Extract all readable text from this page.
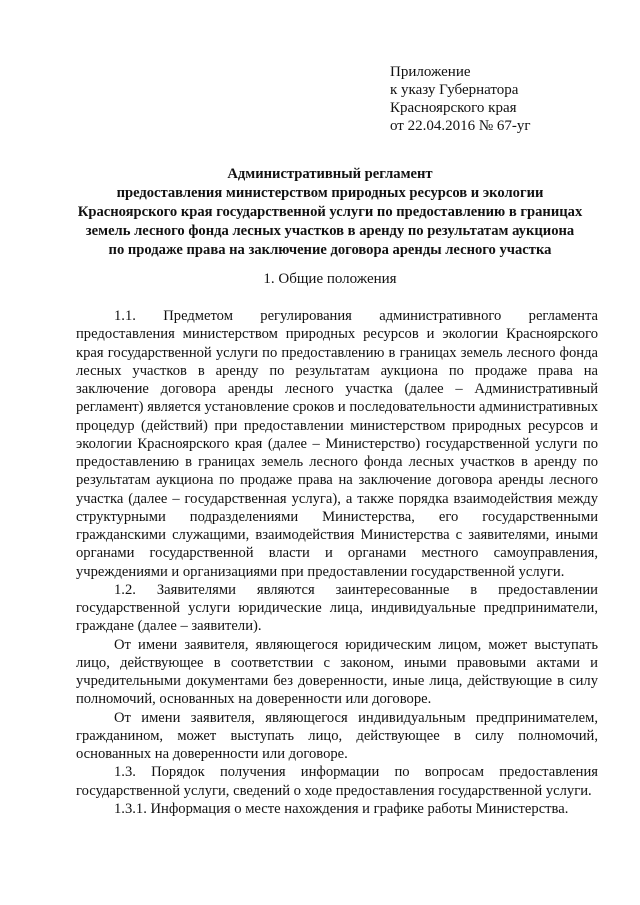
Приложение
к указу Губернатора
Красноярского края
от 22.04.2016 № 67-уг
Административный регламент
предоставления министерством природных ресурсов и экологии
Красноярского края государственной услуги по предоставлению в границах
земель лесного фонда лесных участков в аренду по результатам аукциона
по продаже права на заключение договора аренды лесного участка
1. Общие положения

1.1. Предметом регулирования административного регламента предоставления министерством природных ресурсов и экологии Красноярского края государственной услуги по предоставлению в границах земель лесного фонда лесных участков в аренду по результатам аукциона по продаже права на заключение договора аренды лесного участка (далее – Административный регламент) является установление сроков и последовательности административных процедур (действий) при предоставлении министерством природных ресурсов и экологии Красноярского края (далее – Министерство) государственной услуги по предоставлению в границах земель лесного фонда лесных участков в аренду по результатам аукциона по продаже права на заключение договора аренды лесного участка (далее – государственная услуга), а также порядка взаимодействия между структурными подразделениями Министерства, его государственными гражданскими служащими, взаимодействия Министерства с заявителями, иными органами государственной власти и органами местного самоуправления, учреждениями и организациями при предоставлении государственной услуги.

1.2. Заявителями являются заинтересованные в предоставлении государственной услуги юридические лица, индивидуальные предприниматели, граждане (далее – заявители).

От имени заявителя, являющегося юридическим лицом, может выступать лицо, действующее в соответствии с законом, иными правовыми актами и учредительными документами без доверенности, иные лица, действующие в силу полномочий, основанных на доверенности или договоре.

От имени заявителя, являющегося индивидуальным предпринимателем, гражданином, может выступать лицо, действующее в силу полномочий, основанных на доверенности или договоре.

1.3. Порядок получения информации по вопросам предоставления государственной услуги, сведений о ходе предоставления государственной услуги.

1.3.1. Информация о месте нахождения и графике работы Министерства.
